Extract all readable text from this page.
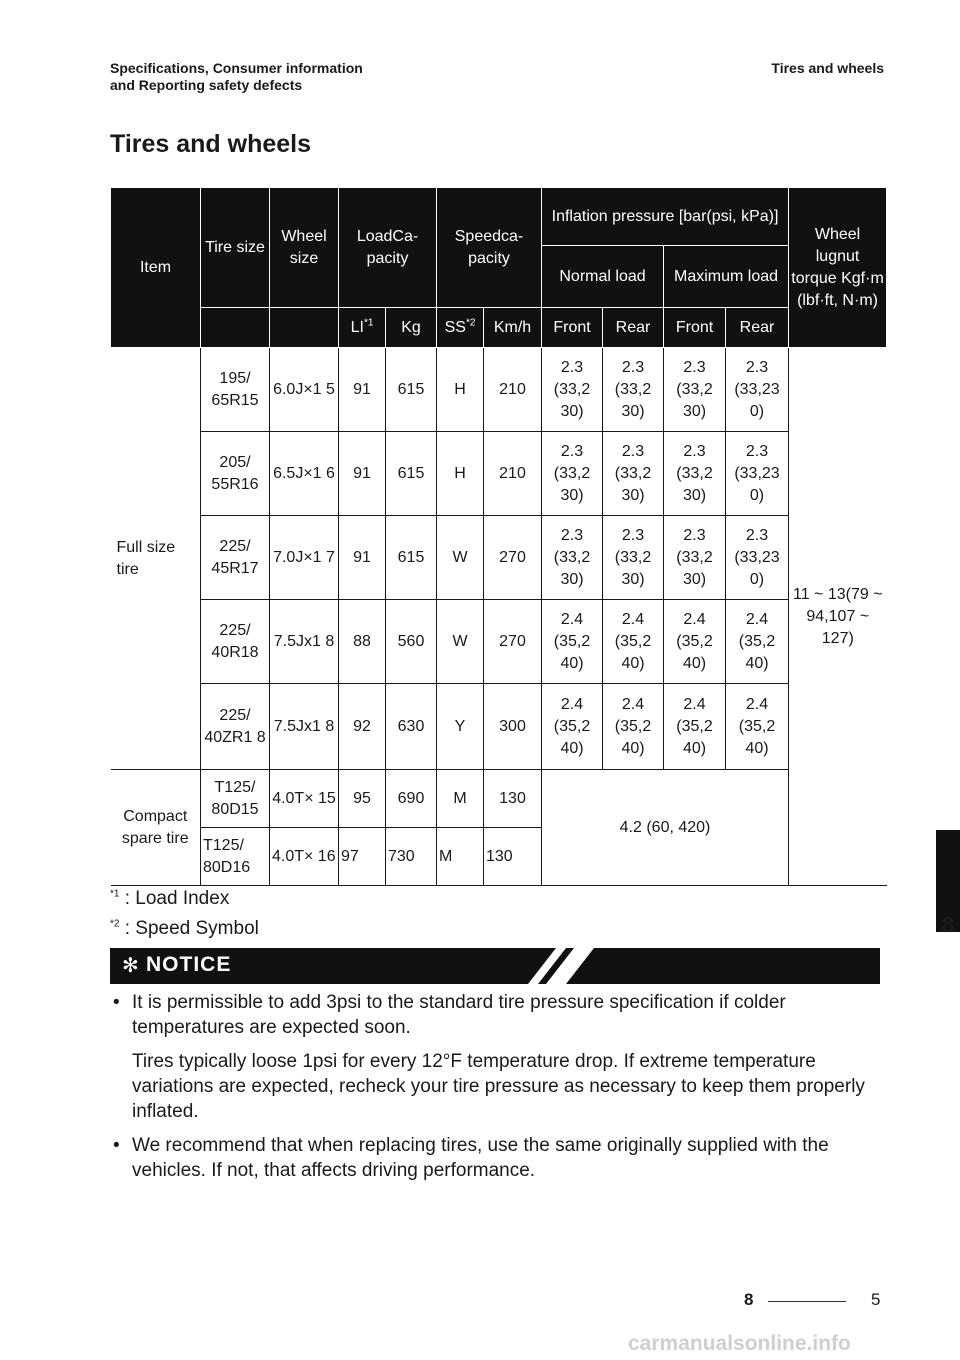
Specifications, Consumer information
and Reporting safety defects
Tires and wheels
Tires and wheels
Item	Tire size	Wheel size	LoadCa- pacity		Speedca- pacity		Inflation pressure [bar(psi, kPa)]				Wheel lugnut torque Kgf·m (lbf·ft, N·m)
							Normal load		Maximum load		
			LI$^{*1}$	Kg	SS$^{*2}$	Km/h	Front	Rear	Front	Rear	
Full size tire	195/ 65R15	6.0J×1 5	91	615	H	210	2.3 (33,2 30)	2.3 (33,2 30)	2.3 (33,2 30)	2.3 (33,23 0)	11 ~ 13(79 ~ 94,107 ~ 127)
	205/ 55R16	6.5J×1 6	91	615	H	210	2.3 (33,2 30)	2.3 (33,2 30)	2.3 (33,2 30)	2.3 (33,23 0)	
	225/ 45R17	7.0J×1 7	91	615	W	270	2.3 (33,2 30)	2.3 (33,2 30)	2.3 (33,2 30)	2.3 (33,23 0)	
	225/ 40R18	7.5Jx1 8	88	560	W	270	2.4 (35,2 40)	2.4 (35,2 40)	2.4 (35,2 40)	2.4 (35,2 40)	
	225/ 40ZR1 8	7.5Jx1 8	92	630	Y	300	2.4 (35,2 40)	2.4 (35,2 40)	2.4 (35,2 40)	2.4 (35,2 40)	
Compact spare tire	T125/ 80D15	4.0T× 15	95	690	M	130	4.2 (60, 420)				
	T125/ 80D16	4.0T× 16	97	730	M	130					
$^{*1}$ : Load Index
$^{*2}$ : Speed Symbol
✻ NOTICE
• It is permissible to add 3psi to the standard tire pressure specification if colder temperatures are expected soon.

Tires typically loose 1psi for every 12°F temperature drop. If extreme temperature variations are expected, recheck your tire pressure as necessary to keep them properly inflated.

• We recommend that when replacing tires, use the same originally supplied with the vehicles. If not, that affects driving performance.
8
8	5
carmanualsonline.info
